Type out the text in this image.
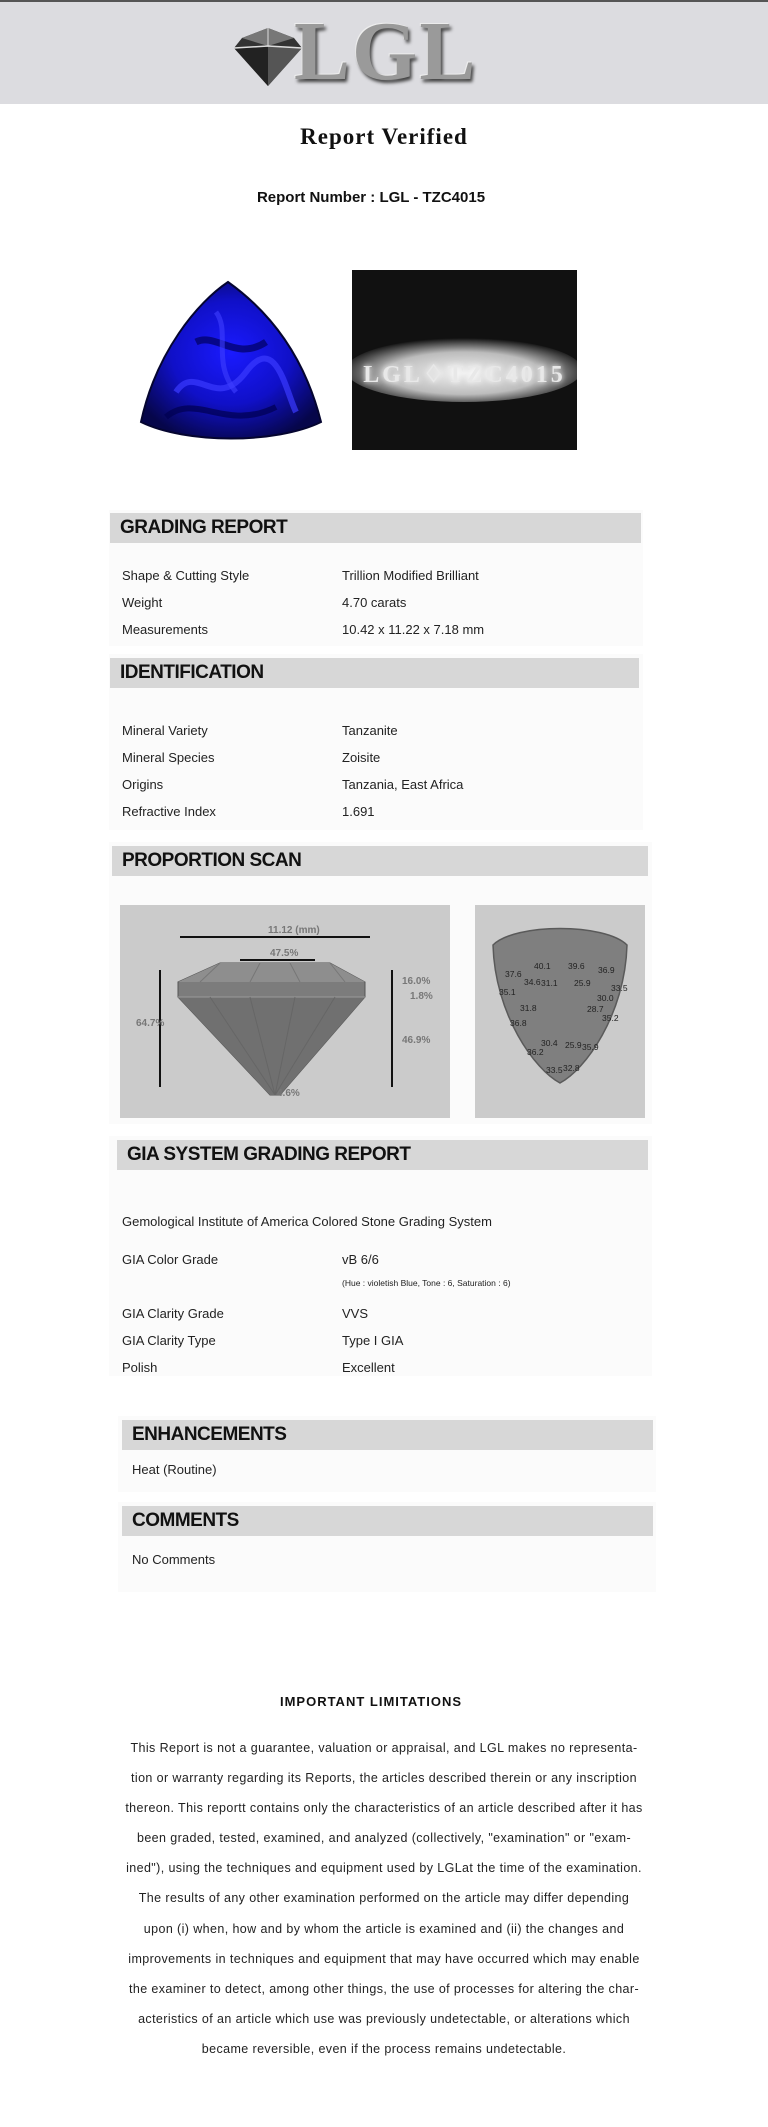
LGL
Report Verified
Report Number : LGL - TZC4015
LGL♢TZC4015
GRADING REPORT
Shape & Cutting Style	Trillion Modified Brilliant
Weight	4.70 carats
Measurements	10.42 x 11.22 x 7.18 mm
IDENTIFICATION
Mineral Variety	Tanzanite
Mineral Species	Zoisite
Origins	Tanzania, East Africa
Refractive Index	1.691
PROPORTION SCAN
11.12 (mm)
47.5%
16.0%
1.8%
46.9%
64.7%
4.6%
40.1 39.6 36.9
37.6
34.6 31.1 25.9 33.5
35.1
30.0
31.8	28.7
35.2
36.8
30.4 25.9 35.9
36.2
33.5 32.8
GIA SYSTEM GRADING REPORT
Gemological Institute of America Colored Stone Grading System
GIA Color Grade	vB 6/6
(Hue : violetish Blue, Tone : 6, Saturation : 6)
GIA Clarity Grade	VVS
GIA Clarity Type	Type I GIA
Polish	Excellent
ENHANCEMENTS
Heat (Routine)
COMMENTS
No Comments
IMPORTANT LIMITATIONS
This Report is not a guarantee, valuation or appraisal, and LGL makes no representa-
tion or warranty regarding its Reports, the articles described therein or any inscription
thereon. This reportt contains only the characteristics of an article described after it has
been graded, tested, examined, and analyzed (collectively, "examination" or "exam-
ined"), using the techniques and equipment used by LGLat the time of the examination.
The results of any other examination performed on the article may differ depending
upon (i) when, how and by whom the article is examined and (ii) the changes and
improvements in techniques and equipment that may have occurred which may enable
the examiner to detect, among other things, the use of processes for altering the char-
acteristics of an article which use was previously undetectable, or alterations which
became reversible, even if the process remains undetectable.
